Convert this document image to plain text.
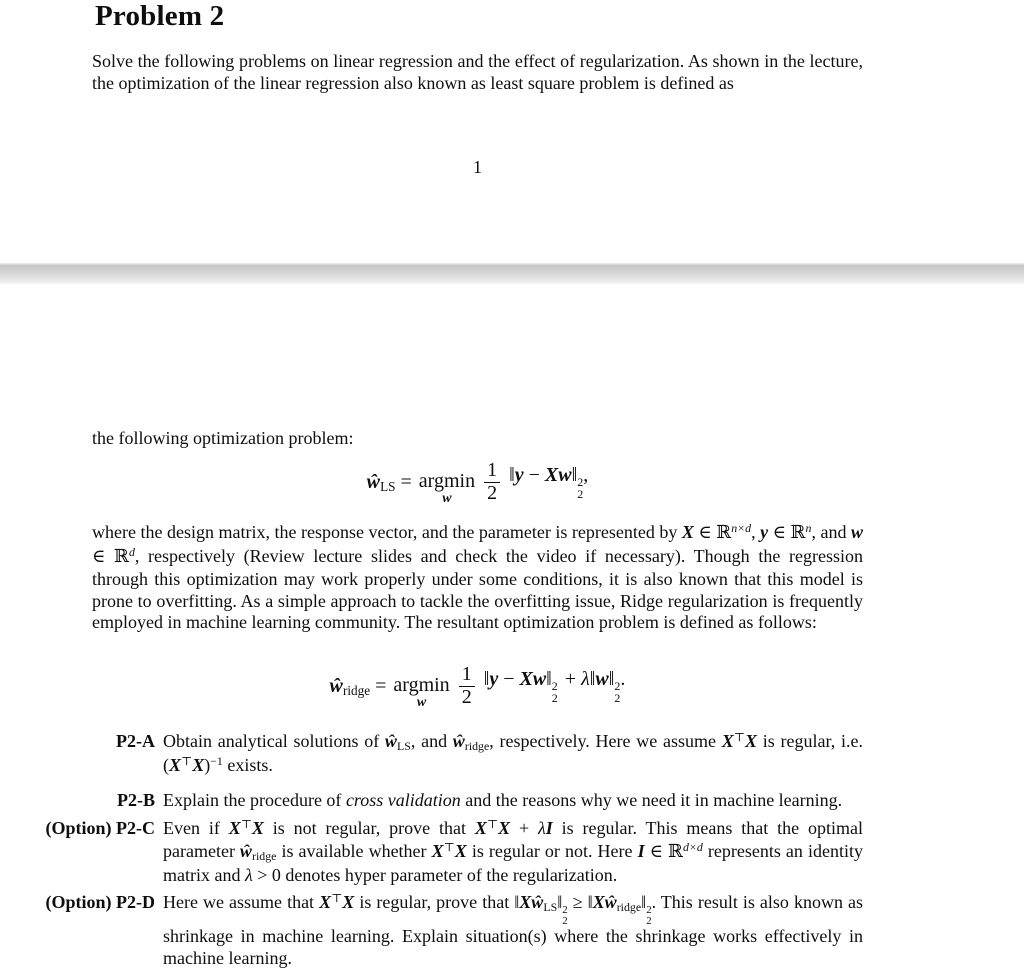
Problem 2
Solve the following problems on linear regression and the effect of regularization. As shown in the lecture, the optimization of the linear regression also known as least square problem is defined as
1
the following optimization problem:
ŵLS = argmin
w $\frac{1}{2}$ ‖y − Xw‖ 2
2
,
where the design matrix, the response vector, and the parameter is represented by X ∈ ℝ$^{n\times d}$, y ∈ ℝ$^n$, and w ∈ ℝ$^d$, respectively (Review lecture slides and check the video if necessary). Though the regression through this optimization may work properly under some conditions, it is also known that this model is prone to overfitting. As a simple approach to tackle the overfitting issue, Ridge regularization is frequently employed in machine learning community. The resultant optimization problem is defined as follows:
ŵridge = argmin
w $\frac{1}{2}$ ‖y − Xw‖ 2
2
+ λ‖w‖ 2
2
.
P2-A Obtain analytical solutions of ŵLS, and ŵridge, respectively. Here we assume X⊤X is regular, i.e. $(X^⊤X)^{-1}$ exists.
P2-B Explain the procedure of cross validation and the reasons why we need it in machine learning.
(Option) P2-C Even if X⊤X is not regular, prove that X⊤X + λI is regular. This means that the optimal parameter ŵridge is available whether X⊤X is regular or not. Here I ∈ ℝ$^{d\times d}$ represents an identity matrix and λ > 0 denotes hyper parameter of the regularization.
(Option) P2-D Here we assume that X⊤X is regular, prove that ‖XŵLS‖ 2
2
≥ ‖Xŵridge‖ 2
2
. This result is also known as shrinkage in machine learning. Explain situation(s) where the shrinkage works effectively in machine learning.
